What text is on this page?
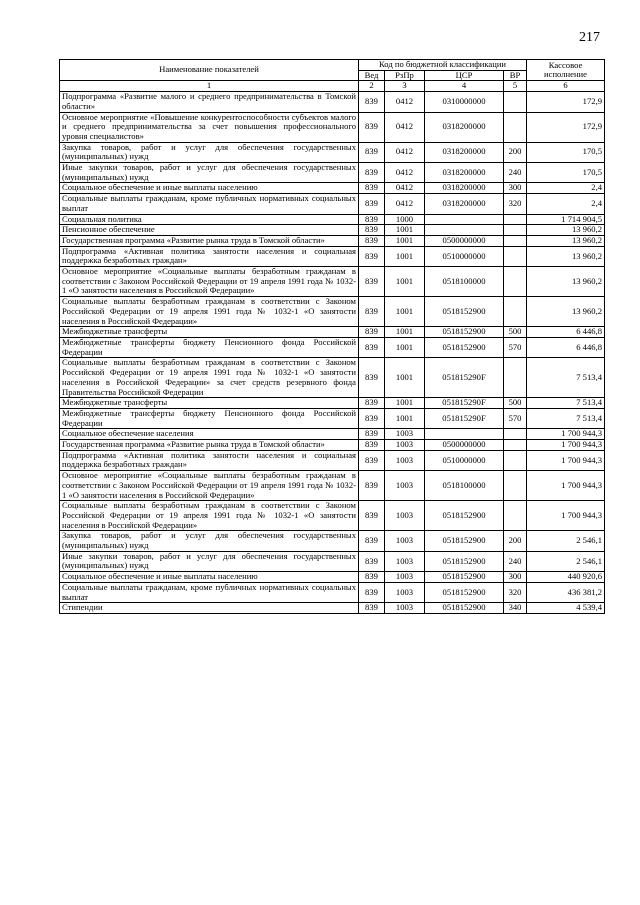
217
Наименование показателей	Код по бюджетной классификации				Кассовое исполнение
	Вед	РзПр	ЦСР	ВР	
1	2	3	4	5	6
Подпрограмма «Развитие малого и среднего предпринимательства в Томской области»	839	0412	0310000000		172,9
Основное мероприятие «Повышение конкурентоспособности субъектов малого и среднего предпринимательства за счет повышения профессионального уровня специалистов»	839	0412	0318200000		172,9
Закупка товаров, работ и услуг для обеспечения государственных (муниципальных) нужд	839	0412	0318200000	200	170,5
Иные закупки товаров, работ и услуг для обеспечения государственных (муниципальных) нужд	839	0412	0318200000	240	170,5
Социальное обеспечение и иные выплаты населению	839	0412	0318200000	300	2,4
Социальные выплаты гражданам, кроме публичных нормативных социальных выплат	839	0412	0318200000	320	2,4
Социальная политика	839	1000			1 714 904,5
Пенсионное обеспечение	839	1001			13 960,2
Государственная программа «Развитие рынка труда в Томской области»	839	1001	0500000000		13 960,2
Подпрограмма «Активная политика занятости населения и социальная поддержка безработных граждан»	839	1001	0510000000		13 960,2
Основное мероприятие «Социальные выплаты безработным гражданам в соответствии с Законом Российской Федерации от 19 апреля 1991 года № 1032-1 «О занятости населения в Российской Федерации»	839	1001	0518100000		13 960,2
Социальные выплаты безработным гражданам в соответствии с Законом Российской Федерации от 19 апреля 1991 года № 1032-1 «О занятости населения в Российской Федерации»	839	1001	0518152900		13 960,2
Межбюджетные трансферты	839	1001	0518152900	500	6 446,8
Межбюджетные трансферты бюджету Пенсионного фонда Российской Федерации	839	1001	0518152900	570	6 446,8
Социальные выплаты безработным гражданам в соответствии с Законом Российской Федерации от 19 апреля 1991 года № 1032-1 «О занятости населения в Российской Федерации» за счет средств резервного фонда Правительства Российской Федерации	839	1001	051815290F		7 513,4
Межбюджетные трансферты	839	1001	051815290F	500	7 513,4
Межбюджетные трансферты бюджету Пенсионного фонда Российской Федерации	839	1001	051815290F	570	7 513,4
Социальное обеспечение населения	839	1003			1 700 944,3
Государственная программа «Развитие рынка труда в Томской области»	839	1003	0500000000		1 700 944,3
Подпрограмма «Активная политика занятости населения и социальная поддержка безработных граждан»	839	1003	0510000000		1 700 944,3
Основное мероприятие «Социальные выплаты безработным гражданам в соответствии с Законом Российской Федерации от 19 апреля 1991 года № 1032-1 «О занятости населения в Российской Федерации»	839	1003	0518100000		1 700 944,3
Социальные выплаты безработным гражданам в соответствии с Законом Российской Федерации от 19 апреля 1991 года № 1032-1 «О занятости населения в Российской Федерации»	839	1003	0518152900		1 700 944,3
Закупка товаров, работ и услуг для обеспечения государственных (муниципальных) нужд	839	1003	0518152900	200	2 546,1
Иные закупки товаров, работ и услуг для обеспечения государственных (муниципальных) нужд	839	1003	0518152900	240	2 546,1
Социальное обеспечение и иные выплаты населению	839	1003	0518152900	300	440 920,6
Социальные выплаты гражданам, кроме публичных нормативных социальных выплат	839	1003	0518152900	320	436 381,2
Стипендии	839	1003	0518152900	340	4 539,4
